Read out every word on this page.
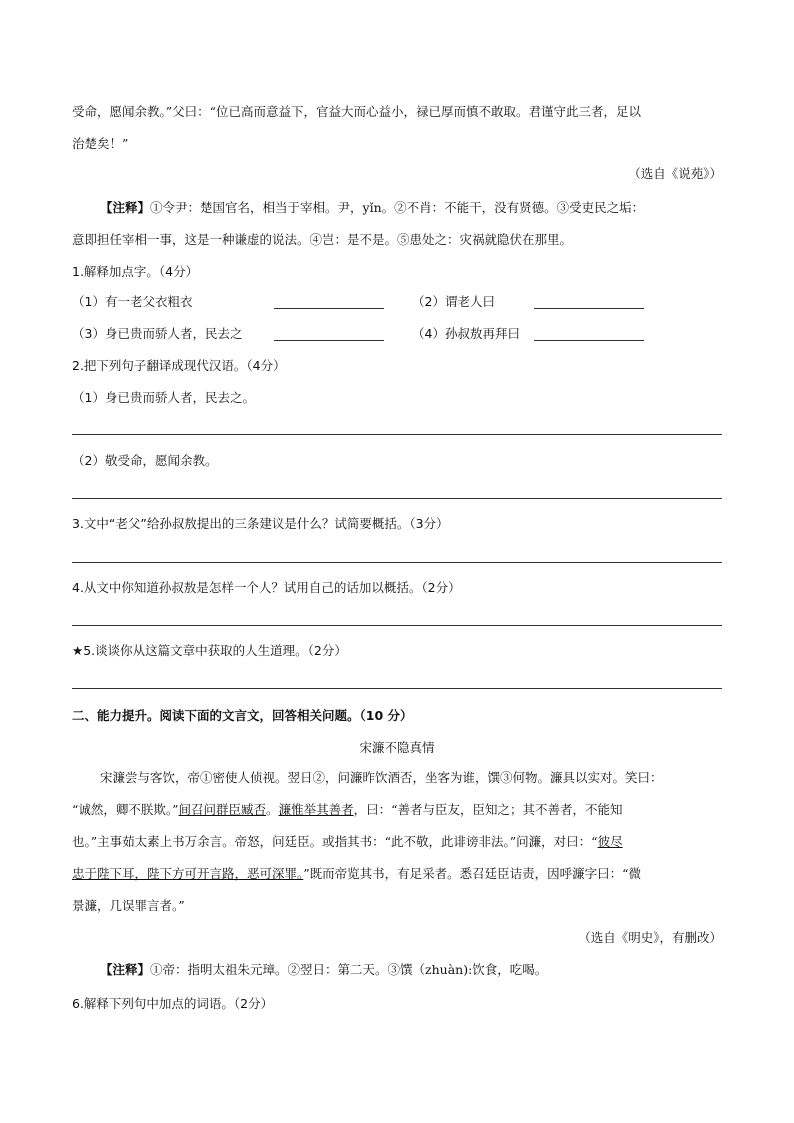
受命，愿闻余教。”父曰：“位已高而意益下，官益大而心益小，禄已厚而慎不敢取。君谨守此三者，足以
治楚矣！”
（选自《说苑》）
【注释】①令尹：楚国官名，相当于宰相。尹，yǐn。②不肖：不能干，没有贤德。③受吏民之垢：
意即担任宰相一事，这是一种谦虚的说法。④岂：是不是。⑤患处之：灾祸就隐伏在那里。
1.解释加点字。（4分）
（1）有一老父衣粗衣	（2）谓老人曰
（3）身已贵而骄人者，民去之	（4）孙叔敖再拜曰
2.把下列句子翻译成现代汉语。（4分）
（1）身已贵而骄人者，民去之。
（2）敬受命，愿闻余教。
3.文中“老父”给孙叔敖提出的三条建议是什么？试简要概括。（3分）
4.从文中你知道孙叔敖是怎样一个人？试用自己的话加以概括。（2分）
★5.谈谈你从这篇文章中获取的人生道理。（2分）
二、能力提升。阅读下面的文言文，回答相关问题。（10 分）
宋濂不隐真情
宋濂尝与客饮，帝①密使人侦视。翌日②，问濂昨饮酒否，坐客为谁，馔③何物。濂具以实对。笑曰：
“诚然，卿不朕欺。”间召问群臣臧否。濂惟举其善者，曰：“善者与臣友，臣知之；其不善者，不能知
也。”主事茹太素上书万余言。帝怒，问廷臣。或指其书：“此不敬，此诽谤非法。”问濂，对曰：“彼尽
忠于陛下耳，陛下方可开言路，恶可深罪。”既而帝览其书，有足采者。悉召廷臣诘责，因呼濂字曰：“微
景濂，几误罪言者。”
（选自《明史》，有删改）
【注释】①帝：指明太祖朱元璋。②翌日：第二天。③馔（zhuàn):饮食，吃喝。
6.解释下列句中加点的词语。（2分）
